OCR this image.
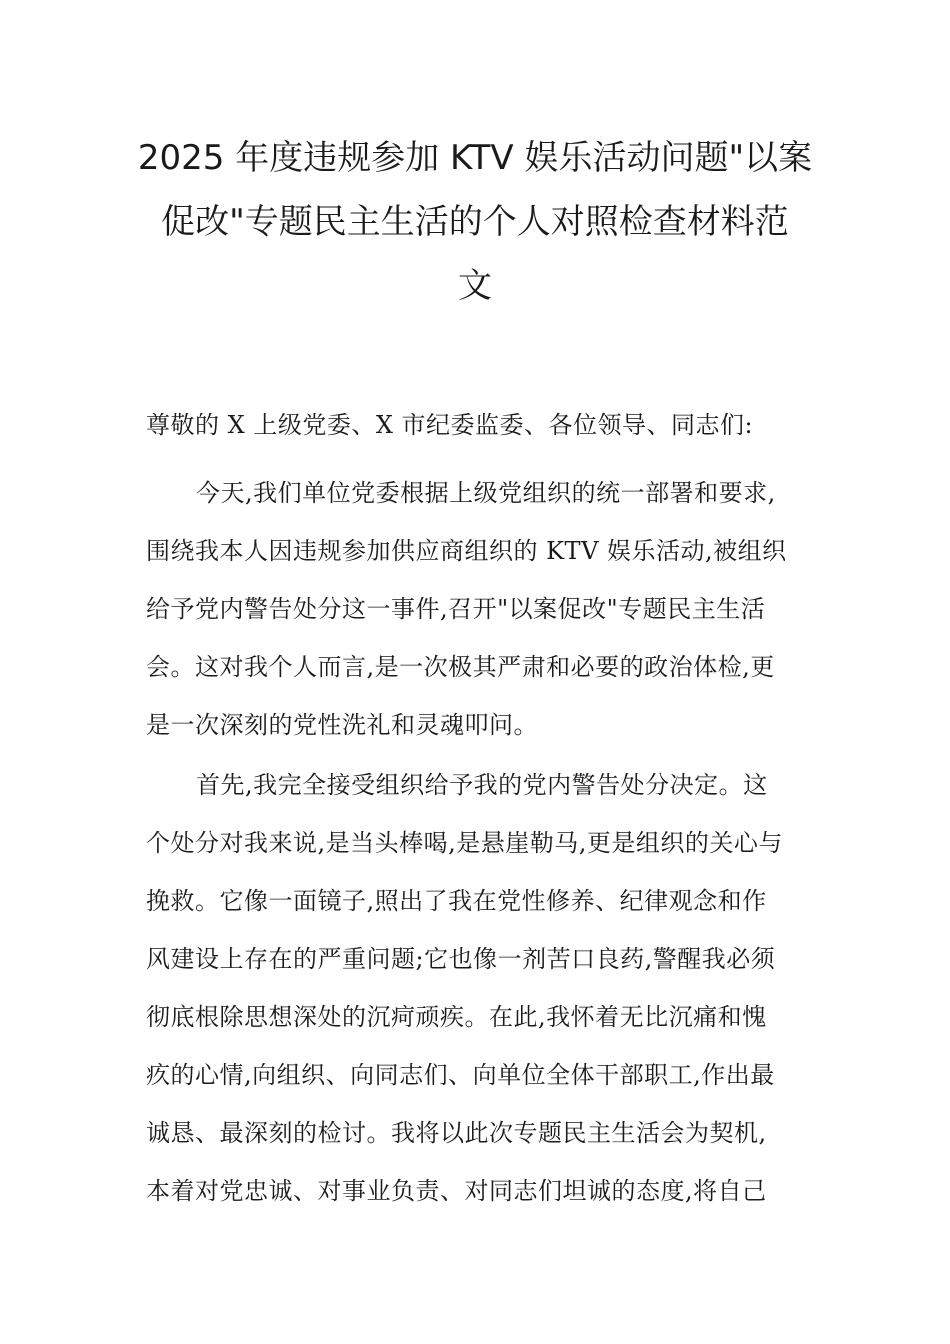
2025 年度违规参加 KTV 娱乐活动问题"以案
促改"专题民主生活的个人对照检查材料范
文

尊敬的 X 上级党委、X 市纪委监委、各位领导、同志们:

今天,我们单位党委根据上级党组织的统一部署和要求,
围绕我本人因违规参加供应商组织的 KTV 娱乐活动,被组织
给予党内警告处分这一事件,召开"以案促改"专题民主生活
会。这对我个人而言,是一次极其严肃和必要的政治体检,更
是一次深刻的党性洗礼和灵魂叩问。

首先,我完全接受组织给予我的党内警告处分决定。这
个处分对我来说,是当头棒喝,是悬崖勒马,更是组织的关心与
挽救。它像一面镜子,照出了我在党性修养、纪律观念和作
风建设上存在的严重问题;它也像一剂苦口良药,警醒我必须
彻底根除思想深处的沉疴顽疾。在此,我怀着无比沉痛和愧
疚的心情,向组织、向同志们、向单位全体干部职工,作出最
诚恳、最深刻的检讨。我将以此次专题民主生活会为契机,
本着对党忠诚、对事业负责、对同志们坦诚的态度,将自己
